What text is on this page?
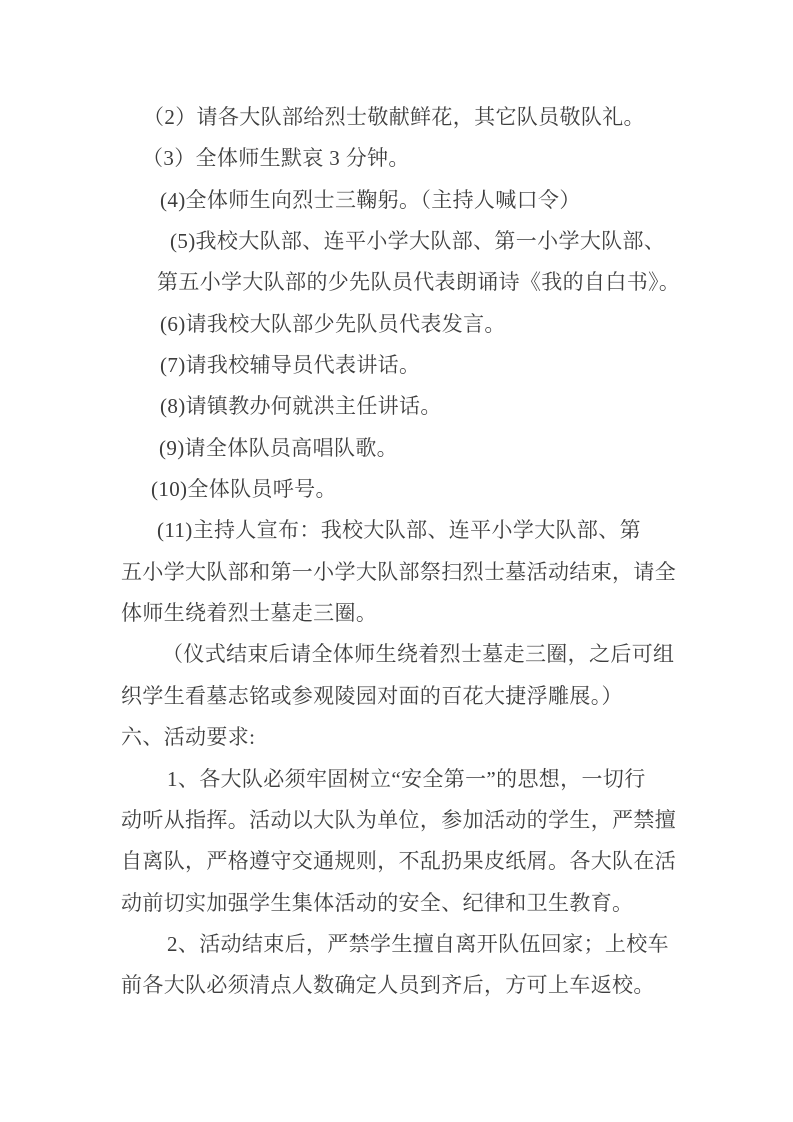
（2）请各大队部给烈士敬献鲜花，其它队员敬队礼。
（3）全体师生默哀 3 分钟。
(4)全体师生向烈士三鞠躬。（主持人喊口令）
(5)我校大队部、连平小学大队部、第一小学大队部、
第五小学大队部的少先队员代表朗诵诗《我的自白书》。
(6)请我校大队部少先队员代表发言。
(7)请我校辅导员代表讲话。
(8)请镇教办何就洪主任讲话。
(9)请全体队员高唱队歌。
(10)全体队员呼号。
(11)主持人宣布：我校大队部、连平小学大队部、第
五小学大队部和第一小学大队部祭扫烈士墓活动结束，请全
体师生绕着烈士墓走三圈。
（仪式结束后请全体师生绕着烈士墓走三圈，之后可组
织学生看墓志铭或参观陵园对面的百花大捷浮雕展。）
六、活动要求:
1、各大队必须牢固树立“安全第一”的思想，一切行
动听从指挥。活动以大队为单位，参加活动的学生，严禁擅
自离队，严格遵守交通规则，不乱扔果皮纸屑。各大队在活
动前切实加强学生集体活动的安全、纪律和卫生教育。
2、活动结束后，严禁学生擅自离开队伍回家；上校车
前各大队必须清点人数确定人员到齐后，方可上车返校。
